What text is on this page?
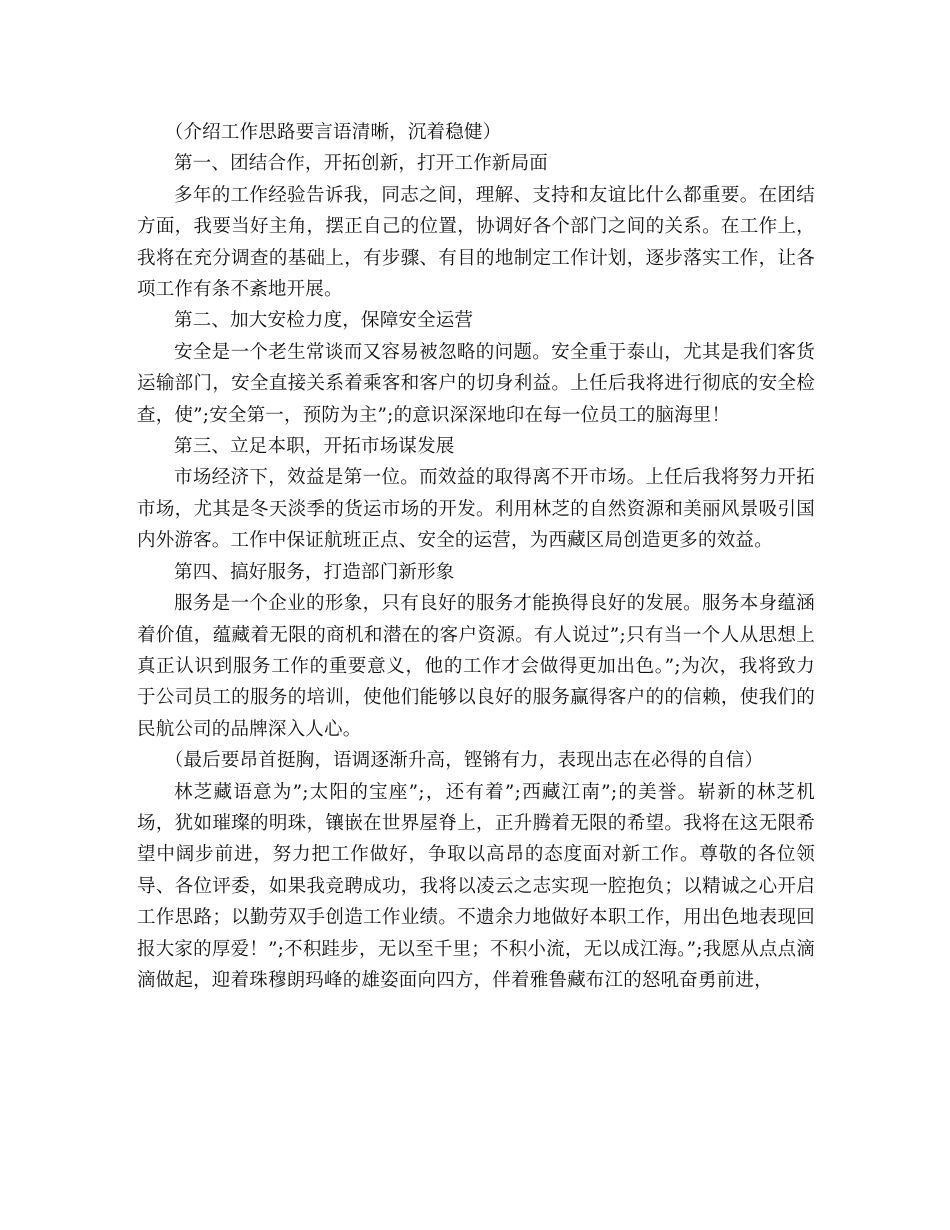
（介绍工作思路要言语清晰，沉着稳健）

第一、团结合作，开拓创新，打开工作新局面

多年的工作经验告诉我，同志之间，理解、支持和友谊比什么都重要。在团结方面，我要当好主角，摆正自己的位置，协调好各个部门之间的关系。在工作上，我将在充分调查的基础上，有步骤、有目的地制定工作计划，逐步落实工作，让各项工作有条不紊地开展。

第二、加大安检力度，保障安全运营

安全是一个老生常谈而又容易被忽略的问题。安全重于泰山，尤其是我们客货运输部门，安全直接关系着乘客和客户的切身利益。上任后我将进行彻底的安全检查，使”;安全第一，预防为主”;的意识深深地印在每一位员工的脑海里！

第三、立足本职，开拓市场谋发展

市场经济下，效益是第一位。而效益的取得离不开市场。上任后我将努力开拓市场，尤其是冬天淡季的货运市场的开发。利用林芝的自然资源和美丽风景吸引国内外游客。工作中保证航班正点、安全的运营，为西藏区局创造更多的效益。

第四、搞好服务，打造部门新形象

服务是一个企业的形象，只有良好的服务才能换得良好的发展。服务本身蕴涵着价值，蕴藏着无限的商机和潜在的客户资源。有人说过”;只有当一个人从思想上真正认识到服务工作的重要意义，他的工作才会做得更加出色。”;为次，我将致力于公司员工的服务的培训，使他们能够以良好的服务赢得客户的的信赖，使我们的民航公司的品牌深入人心。

（最后要昂首挺胸，语调逐渐升高，铿锵有力，表现出志在必得的自信）

林芝藏语意为”;太阳的宝座”;，还有着”;西藏江南”;的美誉。崭新的林芝机场，犹如璀璨的明珠，镶嵌在世界屋脊上，正升腾着无限的希望。我将在这无限希望中阔步前进，努力把工作做好，争取以高昂的态度面对新工作。尊敬的各位领导、各位评委，如果我竞聘成功，我将以凌云之志实现一腔抱负；以精诚之心开启工作思路；以勤劳双手创造工作业绩。不遗余力地做好本职工作，用出色地表现回报大家的厚爱！”;不积跬步，无以至千里；不积小流，无以成江海。”;我愿从点点滴滴做起，迎着珠穆朗玛峰的雄姿面向四方，伴着雅鲁藏布江的怒吼奋勇前进，
